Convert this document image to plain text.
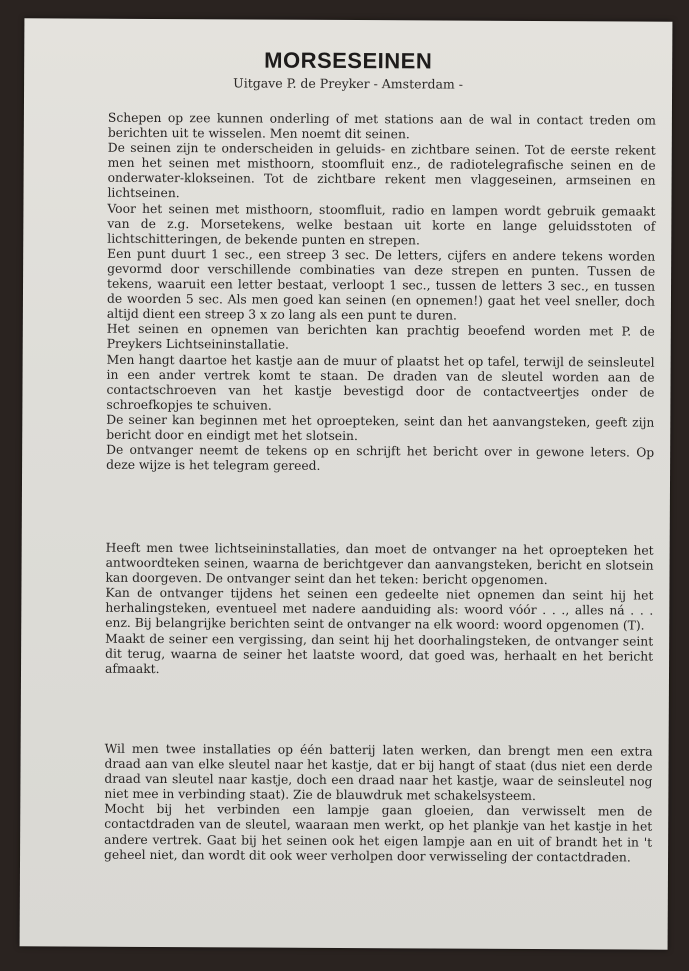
MORSESEINEN
Uitgave P. de Preyker - Amsterdam -

Schepen op zee kunnen onderling of met stations aan de wal in contact treden om berichten uit te wisselen. Men noemt dit seinen.

De seinen zijn te onderscheiden in geluids- en zichtbare seinen. Tot de eerste rekent men het seinen met misthoorn, stoomfluit enz., de radiotelegrafische seinen en de onderwater-klokseinen. Tot de zichtbare rekent men vlaggeseinen, armseinen en lichtseinen.

Voor het seinen met misthoorn, stoomfluit, radio en lampen wordt gebruik gemaakt van de z.g. Morsetekens, welke bestaan uit korte en lange geluidsstoten of lichtschitteringen, de bekende punten en strepen.

Een punt duurt 1 sec., een streep 3 sec. De letters, cijfers en andere tekens worden gevormd door verschillende combinaties van deze strepen en punten. Tussen de tekens, waaruit een letter bestaat, verloopt 1 sec., tussen de letters 3 sec., en tussen de woorden 5 sec. Als men goed kan seinen (en opnemen!) gaat het veel sneller, doch altijd dient een streep 3 x zo lang als een punt te duren.

Het seinen en opnemen van berichten kan prachtig beoefend worden met P. de Preykers Lichtseininstallatie.

Men hangt daartoe het kastje aan de muur of plaatst het op tafel, terwijl de seinsleutel in een ander vertrek komt te staan. De draden van de sleutel worden aan de contactschroeven van het kastje bevestigd door de contactveertjes onder de schroefkopjes te schuiven.

De seiner kan beginnen met het oproepteken, seint dan het aanvangsteken, geeft zijn bericht door en eindigt met het slotsein.

De ontvanger neemt de tekens op en schrijft het bericht over in gewone leters. Op deze wijze is het telegram gereed.

Heeft men twee lichtseininstallaties, dan moet de ontvanger na het oproepteken het antwoordteken seinen, waarna de berichtgever dan aanvangsteken, bericht en slotsein kan doorgeven. De ontvanger seint dan het teken: bericht opgenomen.

Kan de ontvanger tijdens het seinen een gedeelte niet opnemen dan seint hij het herhalingsteken, eventueel met nadere aanduiding als: woord vóór . . ., alles ná . . . enz. Bij belangrijke berichten seint de ontvanger na elk woord: woord opgenomen (T).

Maakt de seiner een vergissing, dan seint hij het doorhalingsteken, de ontvanger seint dit terug, waarna de seiner het laatste woord, dat goed was, herhaalt en het bericht afmaakt.

Wil men twee installaties op één batterij laten werken, dan brengt men een extra draad aan van elke sleutel naar het kastje, dat er bij hangt of staat (dus niet een derde draad van sleutel naar kastje, doch een draad naar het kastje, waar de seinsleutel nog niet mee in verbinding staat). Zie de blauwdruk met schakelsysteem.

Mocht bij het verbinden een lampje gaan gloeien, dan verwisselt men de contactdraden van de sleutel, waaraan men werkt, op het plankje van het kastje in het andere vertrek. Gaat bij het seinen ook het eigen lampje aan en uit of brandt het in 't geheel niet, dan wordt dit ook weer verholpen door verwisseling der contactdraden.
